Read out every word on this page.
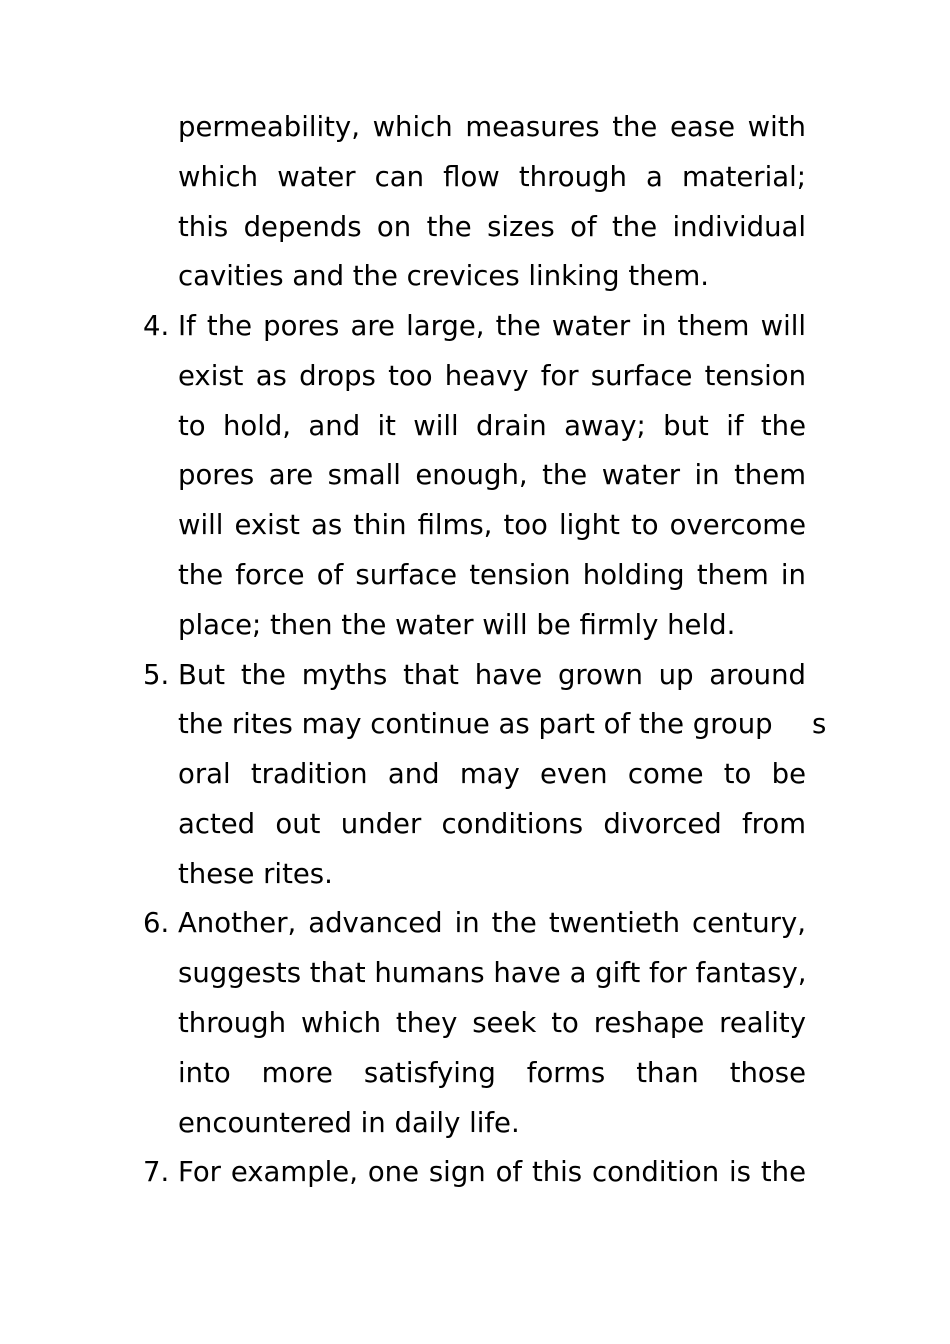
permeability, which measures the ease with
which water can flow through a material;
this depends on the sizes of the individual
cavities and the crevices linking them.
4. If the pores are large, the water in them will
exist as drops too heavy for surface tension
to hold, and it will drain away; but if the
pores are small enough, the water in them
will exist as thin films, too light to overcome
the force of surface tension holding them in
place; then the water will be firmly held.
5. But the myths that have grown up around
the rites may continue as part of the group	s
oral tradition and may even come to be
acted out under conditions divorced from
these rites.
6. Another, advanced in the twentieth century,
suggests that humans have a gift for fantasy,
through which they seek to reshape reality
into more satisfying forms than those
encountered in daily life.
7. For example, one sign of this condition is the
